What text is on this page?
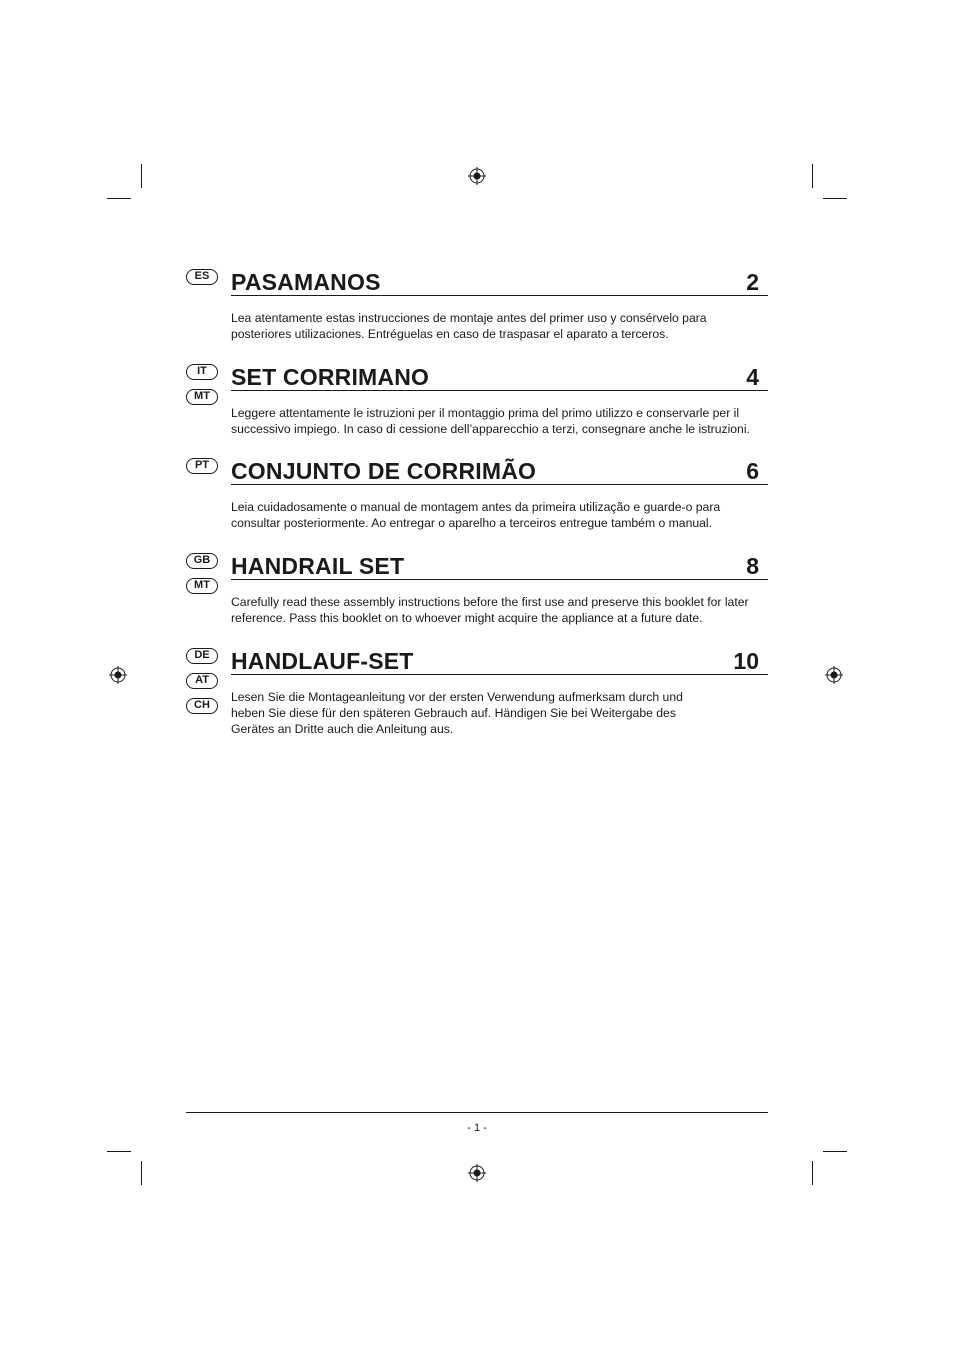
ES PASAMANOS	2
Lea atentamente estas instrucciones de montaje antes del primer uso y consérvelo para posteriores utilizaciones. Entréguelas en caso de traspasar el aparato a terceros.
IT
MT
SET CORRIMANO	4
Leggere attentamente le istruzioni per il montaggio prima del primo utilizzo e conservarle per il successivo impiego. In caso di cessione dell’apparecchio a terzi, consegnare anche le istruzioni.
PT CONJUNTO DE CORRIMÃO	6
Leia cuidadosamente o manual de montagem antes da primeira utilização e guarde-o para consultar posteriormente. Ao entregar o aparelho a terceiros entregue também o manual.
GB
MT
HANDRAIL SET	8
Carefully read these assembly instructions before the first use and preserve this booklet for later reference. Pass this booklet on to whoever might acquire the appliance at a future date.
DE
AT
CH
HANDLAUF-SET	10
Lesen Sie die Montageanleitung vor der ersten Verwendung aufmerksam durch und
heben Sie diese für den späteren Gebrauch auf. Händigen Sie bei Weitergabe des
Gerätes an Dritte auch die Anleitung aus.
- 1 -
